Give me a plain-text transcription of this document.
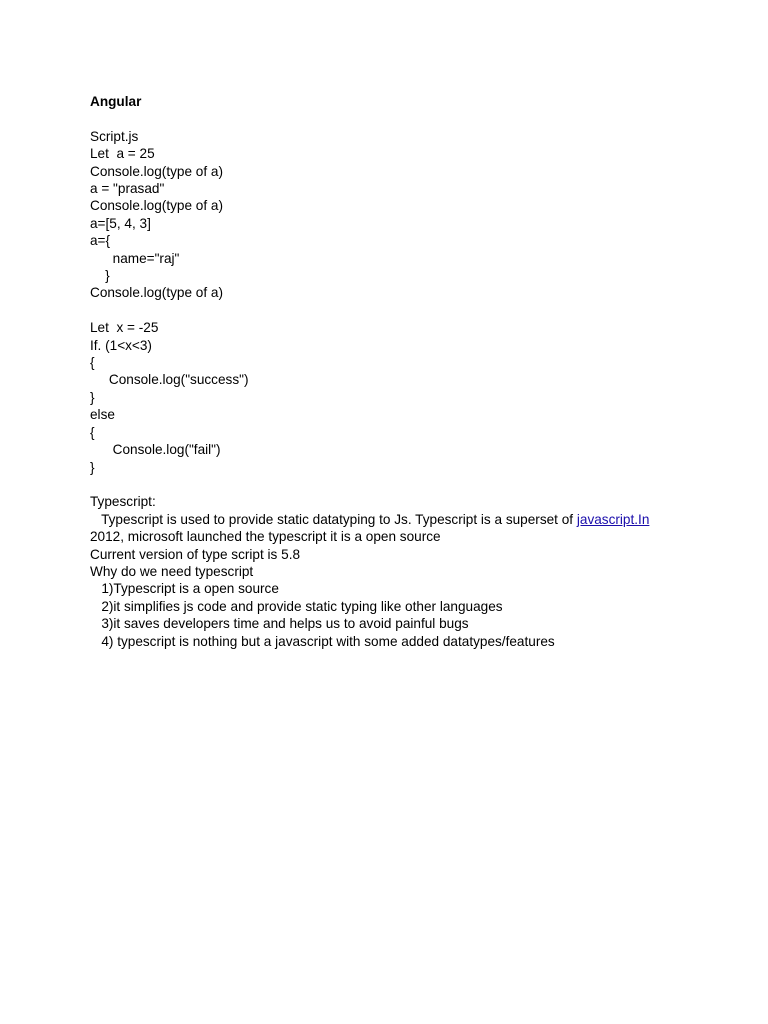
Angular
Script.js
Let  a = 25
Console.log(type of a)
a = "prasad"
Console.log(type of a)
a=[5, 4, 3]
a={
name="raj"
}
Console.log(type of a)
Let  x = -25
If. (1<x<3)
{
Console.log("success")
}
else
{
Console.log("fail")
}
Typescript:
Typescript is used to provide static datatyping to Js. Typescript is a superset of javascript.In
2012, microsoft launched the typescript it is a open source
Current version of type script is 5.8
Why do we need typescript
1)Typescript is a open source
2)it simplifies js code and provide static typing like other languages
3)it saves developers time and helps us to avoid painful bugs
4) typescript is nothing but a javascript with some added datatypes/features
